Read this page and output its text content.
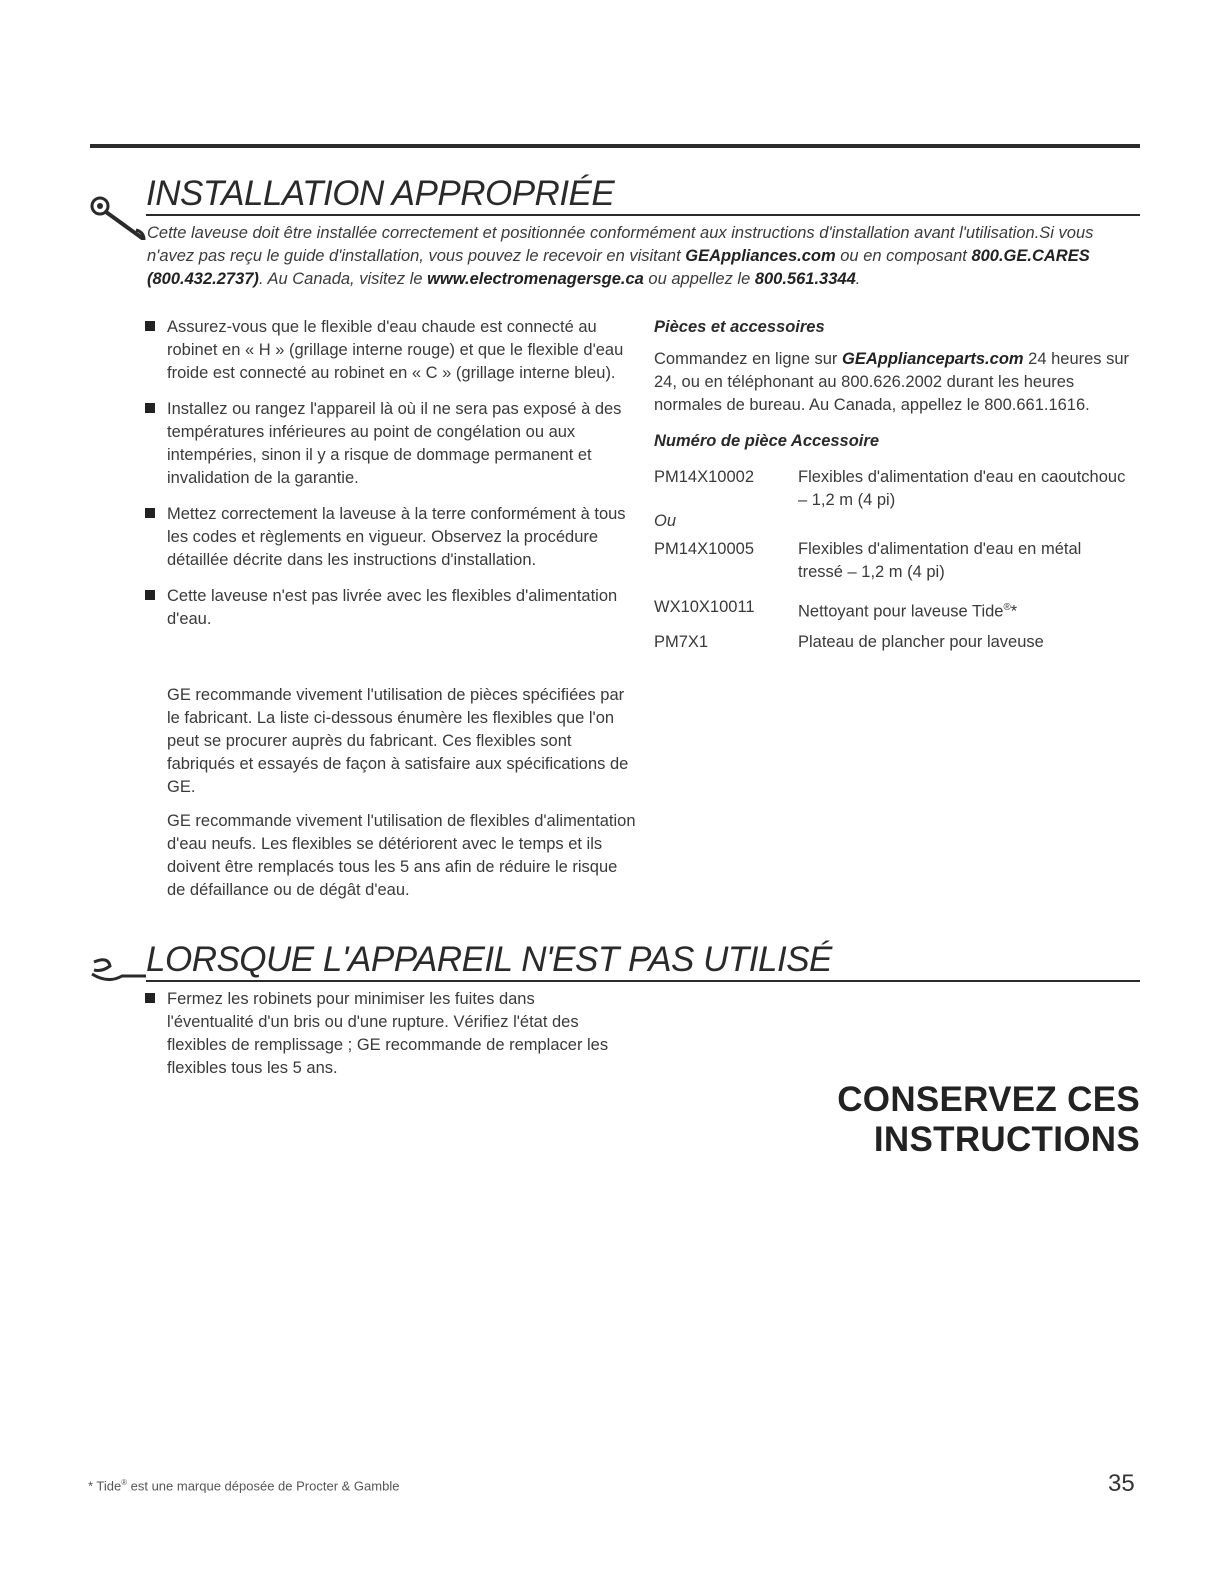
INSTALLATION APPROPRIÉE
Cette laveuse doit être installée correctement et positionnée conformément aux instructions d'installation avant l'utilisation.Si vous n'avez pas reçu le guide d'installation, vous pouvez le recevoir en visitant GEAppliances.com ou en composant 800.GE.CARES (800.432.2737). Au Canada, visitez le www.electromenagersge.ca ou appellez le 800.561.3344.
Assurez-vous que le flexible d'eau chaude est connecté au robinet en « H » (grillage interne rouge) et que le flexible d'eau froide est connecté au robinet en « C » (grillage interne bleu).
Installez ou rangez l'appareil là où il ne sera pas exposé à des températures inférieures au point de congélation ou aux intempéries, sinon il y a risque de dommage permanent et invalidation de la garantie.
Mettez correctement la laveuse à la terre conformément à tous les codes et règlements en vigueur. Observez la procédure détaillée décrite dans les instructions d'installation.
Cette laveuse n'est pas livrée avec les flexibles d'alimentation d'eau.

GE recommande vivement l'utilisation de pièces spécifiées par le fabricant. La liste ci-dessous énumère les flexibles que l'on peut se procurer auprès du fabricant. Ces flexibles sont fabriqués et essayés de façon à satisfaire aux spécifications de GE.

GE recommande vivement l'utilisation de flexibles d'alimentation d'eau neufs. Les flexibles se détériorent avec le temps et ils doivent être remplacés tous les 5 ans afin de réduire le risque de défaillance ou de dégât d'eau.

Pièces et accessoires

Commandez en ligne sur GEApplianceparts.com 24 heures sur 24, ou en téléphonant au 800.626.2002 durant les heures normales de bureau. Au Canada, appellez le 800.661.1616.

Numéro de pièce Accessoire
PM14X10002	Flexibles d'alimentation d'eau en caoutchouc – 1,2 m (4 pi)
Ou
PM14X10005	Flexibles d'alimentation d'eau en métal tressé – 1,2 m (4 pi)
WX10X10011	Nettoyant pour laveuse Tide®*
PM7X1	Plateau de plancher pour laveuse
LORSQUE L'APPAREIL N'EST PAS UTILISÉ
Fermez les robinets pour minimiser les fuites dans l'éventualité d'un bris ou d'une rupture. Vérifiez l'état des flexibles de remplissage ; GE recommande de remplacer les flexibles tous les 5 ans.
CONSERVEZ CES INSTRUCTIONS
* Tide® est une marque déposée de Procter & Gamble	35
